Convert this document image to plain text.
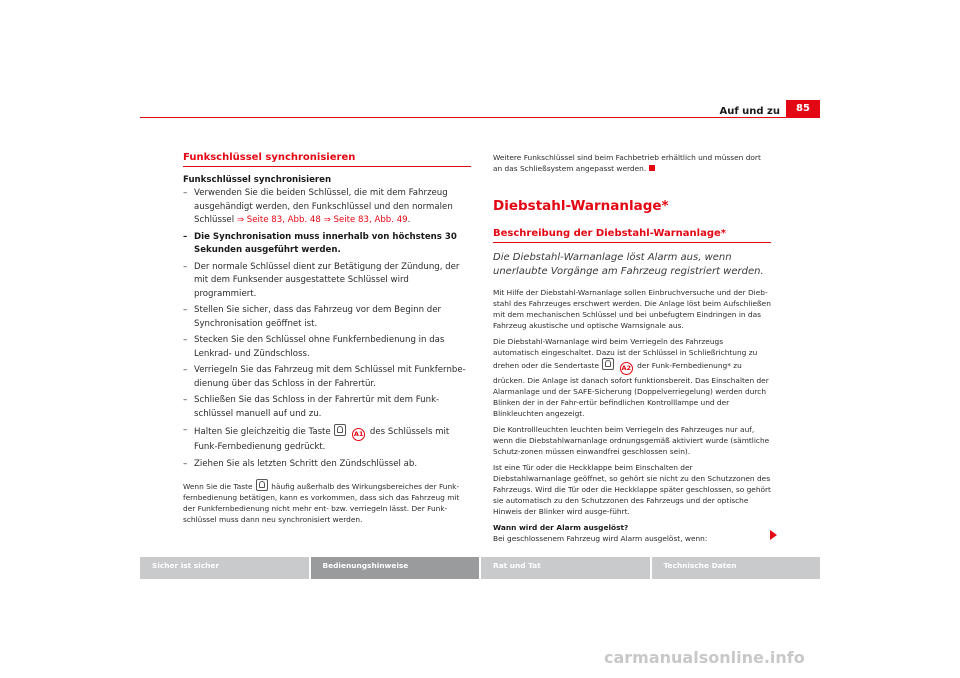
Auf und zu	85
Funkschlüssel synchronisieren
Funkschlüssel synchronisieren
– Verwenden Sie die beiden Schlüssel, die mit dem Fahrzeug ausgehändigt werden, den Funkschlüssel und den normalen Schlüssel ⇒ Seite 83, Abb. 48 ⇒ Seite 83, Abb. 49.
– Die Synchronisation muss innerhalb von höchstens 30 Sekunden ausgeführt werden.
– Der normale Schlüssel dient zur Betätigung der Zündung, der mit dem Funksender ausgestattete Schlüssel wird programmiert.
– Stellen Sie sicher, dass das Fahrzeug vor dem Beginn der Synchronisation geöffnet ist.
– Stecken Sie den Schlüssel ohne Funkfernbedienung in das Lenkrad- und Zündschloss.
– Verriegeln Sie das Fahrzeug mit dem Schlüssel mit Funkfernbe-dienung über das Schloss in der Fahrertür.
– Schließen Sie das Schloss in der Fahrertür mit dem Funk-schlüssel manuell auf und zu.
– Halten Sie gleichzeitig die Taste	A1 des Schlüssels mit Funk-Fernbedienung gedrückt.
– Ziehen Sie als letzten Schritt den Zündschlüssel ab.
Wenn Sie die Taste	häufig außerhalb des Wirkungsbereiches der Funk-fernbedienung betätigen, kann es vorkommen, dass sich das Fahrzeug mit der Funkfernbedienung nicht mehr ent- bzw. verriegeln lässt. Der Funk-schlüssel muss dann neu synchronisiert werden.
Weitere Funkschlüssel sind beim Fachbetrieb erhältlich und müssen dort an das Schließsystem angepasst werden.
Diebstahl-Warnanlage*
Beschreibung der Diebstahl-Warnanlage*
Die Diebstahl-Warnanlage löst Alarm aus, wenn unerlaubte Vorgänge am Fahrzeug registriert werden.
Mit Hilfe der Diebstahl-Warnanlage sollen Einbruchversuche und der Dieb-stahl des Fahrzeuges erschwert werden. Die Anlage löst beim Aufschließen mit dem mechanischen Schlüssel und bei unbefugtem Eindringen in das Fahrzeug akustische und optische Warnsignale aus.
Die Diebstahl-Warnanlage wird beim Verriegeln des Fahrzeugs automatisch eingeschaltet. Dazu ist der Schlüssel in Schließrichtung zu drehen oder die Sendertaste	A2 der Funk-Fernbedienung* zu drücken. Die Anlage ist danach sofort funktionsbereit. Das Einschalten der Alarmanlage und der SAFE-Sicherung (Doppelverriegelung) werden durch Blinken der in der Fahr-ertür befindlichen Kontrolllampe und der Blinkleuchten angezeigt.
Die Kontrollleuchten leuchten beim Verriegeln des Fahrzeuges nur auf, wenn die Diebstahlwarnanlage ordnungsgemäß aktiviert wurde (sämtliche Schutz-zonen müssen einwandfrei geschlossen sein).
Ist eine Tür oder die Heckklappe beim Einschalten der Diebstahlwarnanlage geöffnet, so gehört sie nicht zu den Schutzzonen des Fahrzeugs. Wird die Tür oder die Heckklappe später geschlossen, so gehört sie automatisch zu den Schutzzonen des Fahrzeugs und der optische Hinweis der Blinker wird ausge-führt.
Wann wird der Alarm ausgelöst?
Bei geschlossenem Fahrzeug wird Alarm ausgelöst, wenn:
Sicher ist sicher	Bedienungshinweise	Rat und Tat	Technische Daten
carmanualsonline.info
